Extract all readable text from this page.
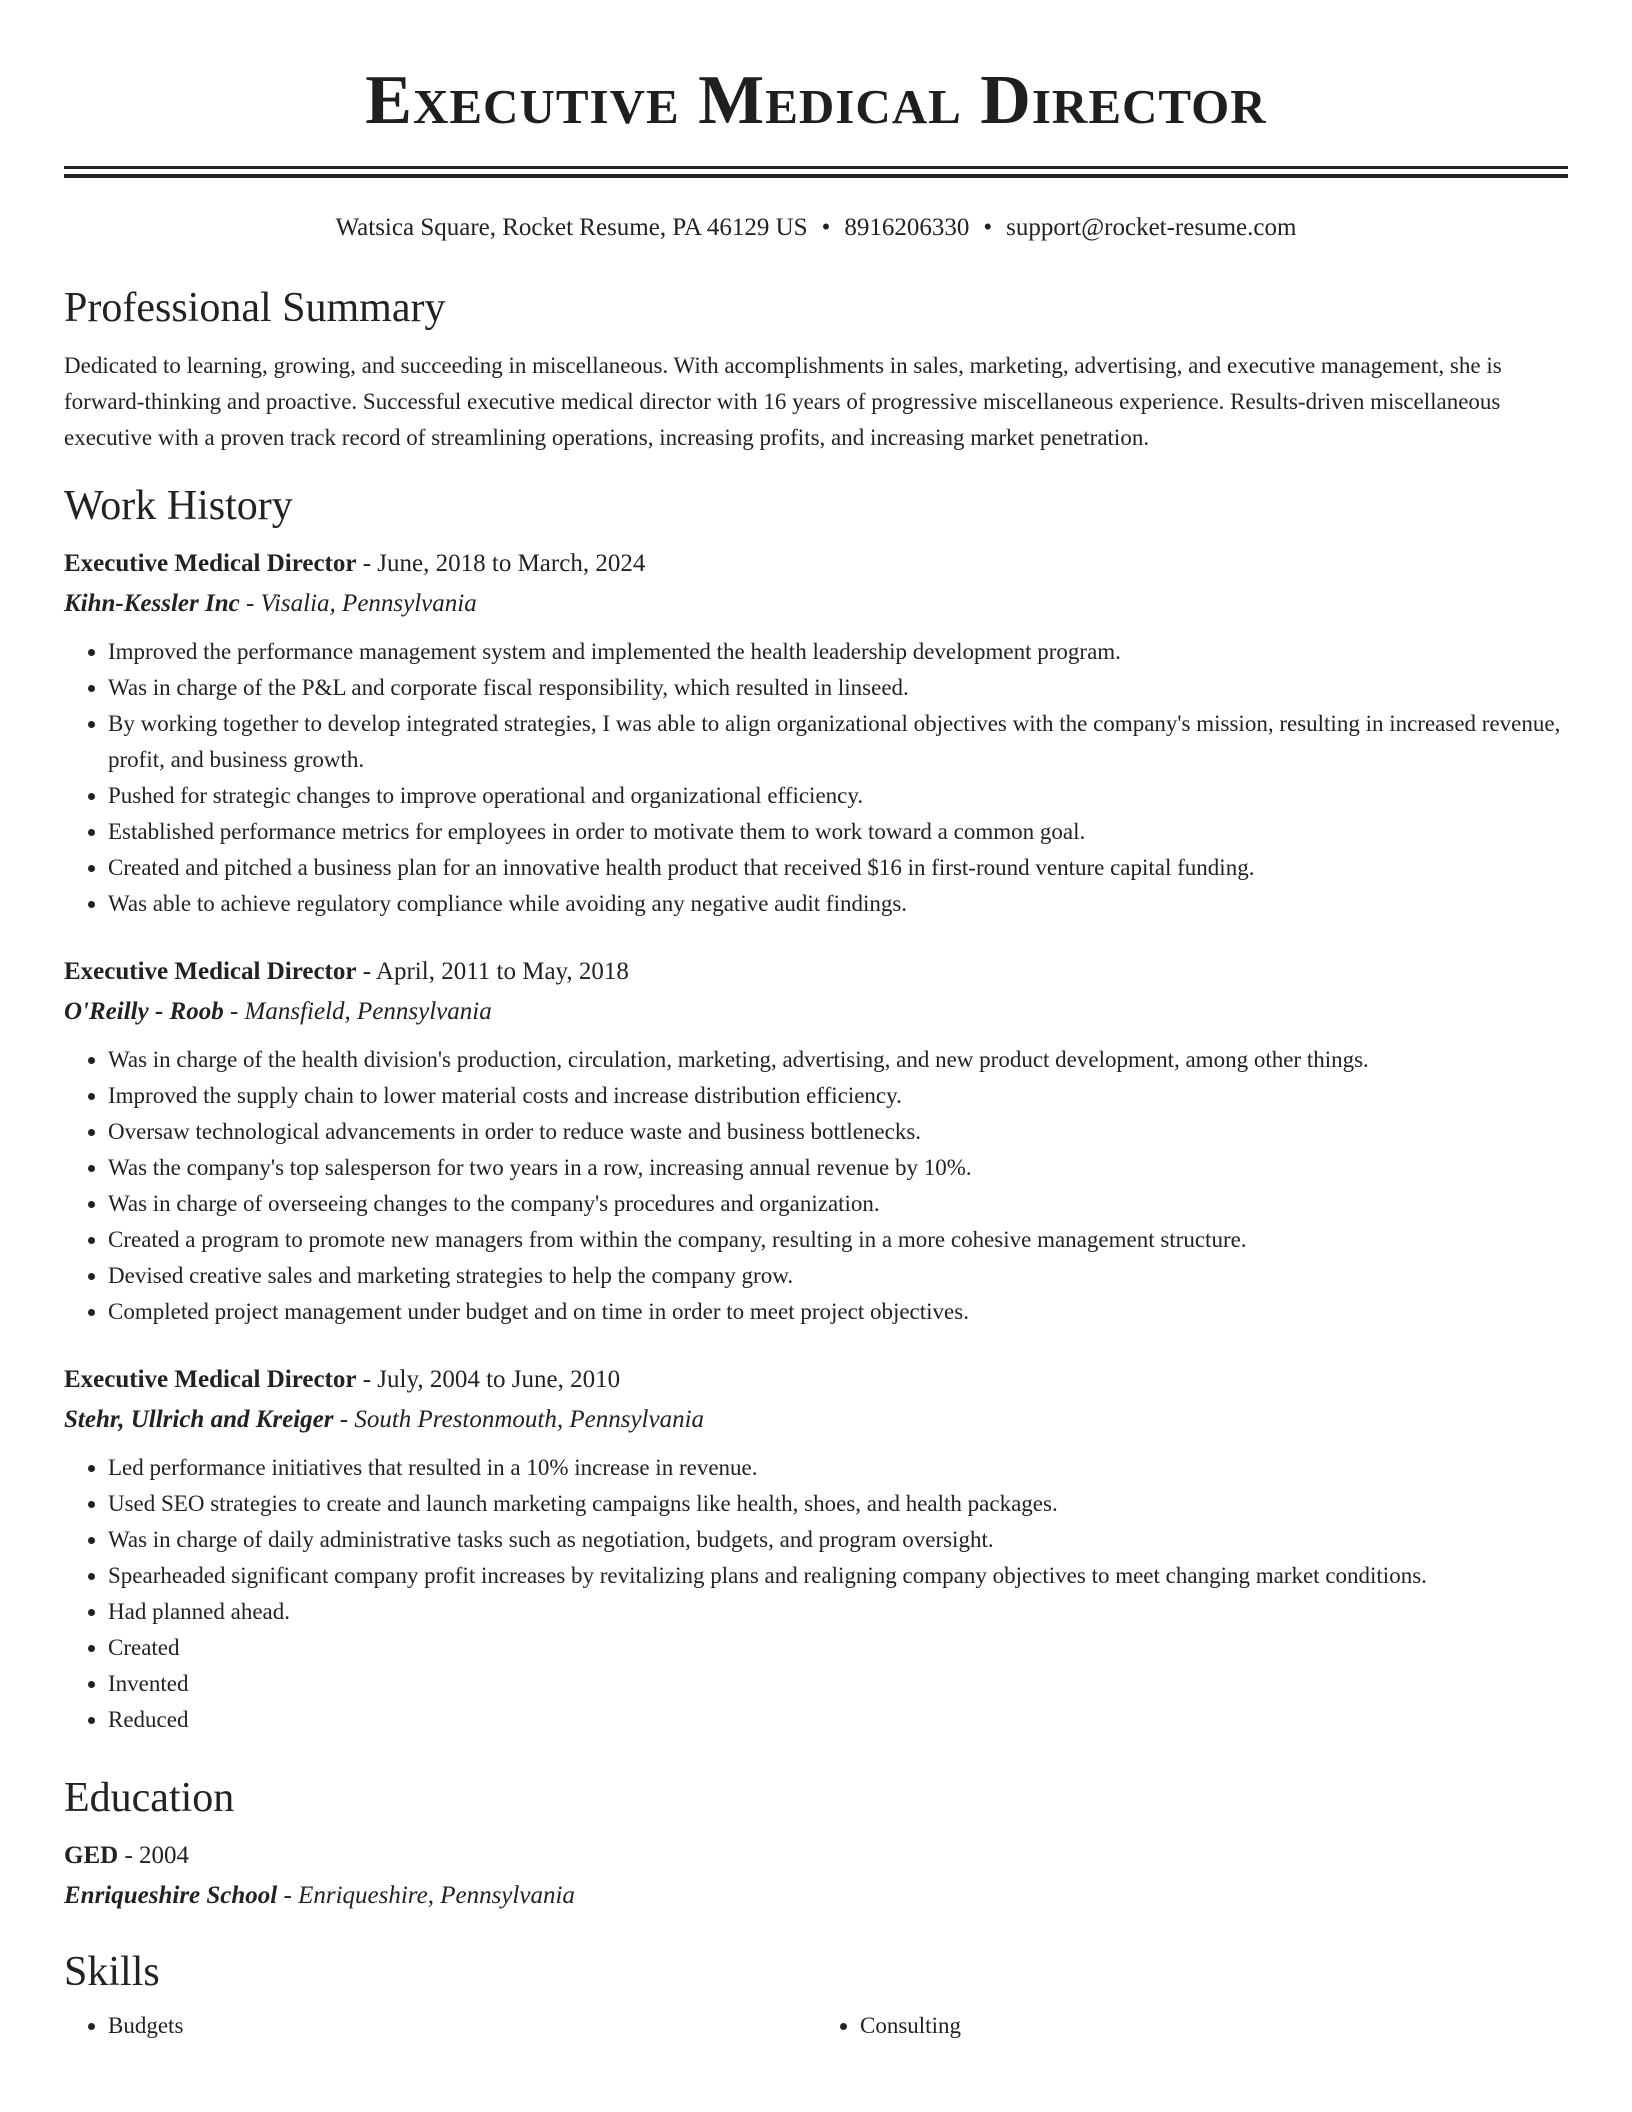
Executive Medical Director
Watsica Square, Rocket Resume, PA 46129 US • 8916206330 • support@rocket-resume.com
Professional Summary
Dedicated to learning, growing, and succeeding in miscellaneous. With accomplishments in sales, marketing, advertising, and executive management, she is forward-thinking and proactive. Successful executive medical director with 16 years of progressive miscellaneous experience. Results-driven miscellaneous executive with a proven track record of streamlining operations, increasing profits, and increasing market penetration.
Work History
Executive Medical Director - June, 2018 to March, 2024
Kihn-Kessler Inc - Visalia, Pennsylvania
• Improved the performance management system and implemented the health leadership development program.
• Was in charge of the P&L and corporate fiscal responsibility, which resulted in linseed.
• By working together to develop integrated strategies, I was able to align organizational objectives with the company's mission, resulting in increased revenue, profit, and business growth.
• Pushed for strategic changes to improve operational and organizational efficiency.
• Established performance metrics for employees in order to motivate them to work toward a common goal.
• Created and pitched a business plan for an innovative health product that received $16 in first-round venture capital funding.
• Was able to achieve regulatory compliance while avoiding any negative audit findings.
Executive Medical Director - April, 2011 to May, 2018
O'Reilly - Roob - Mansfield, Pennsylvania
• Was in charge of the health division's production, circulation, marketing, advertising, and new product development, among other things.
• Improved the supply chain to lower material costs and increase distribution efficiency.
• Oversaw technological advancements in order to reduce waste and business bottlenecks.
• Was the company's top salesperson for two years in a row, increasing annual revenue by 10%.
• Was in charge of overseeing changes to the company's procedures and organization.
• Created a program to promote new managers from within the company, resulting in a more cohesive management structure.
• Devised creative sales and marketing strategies to help the company grow.
• Completed project management under budget and on time in order to meet project objectives.
Executive Medical Director - July, 2004 to June, 2010
Stehr, Ullrich and Kreiger - South Prestonmouth, Pennsylvania
• Led performance initiatives that resulted in a 10% increase in revenue.
• Used SEO strategies to create and launch marketing campaigns like health, shoes, and health packages.
• Was in charge of daily administrative tasks such as negotiation, budgets, and program oversight.
• Spearheaded significant company profit increases by revitalizing plans and realigning company objectives to meet changing market conditions.
• Had planned ahead.
• Created
• Invented
• Reduced
Education
GED - 2004
Enriqueshire School - Enriqueshire, Pennsylvania
Skills
• Budgets
•	Consulting
